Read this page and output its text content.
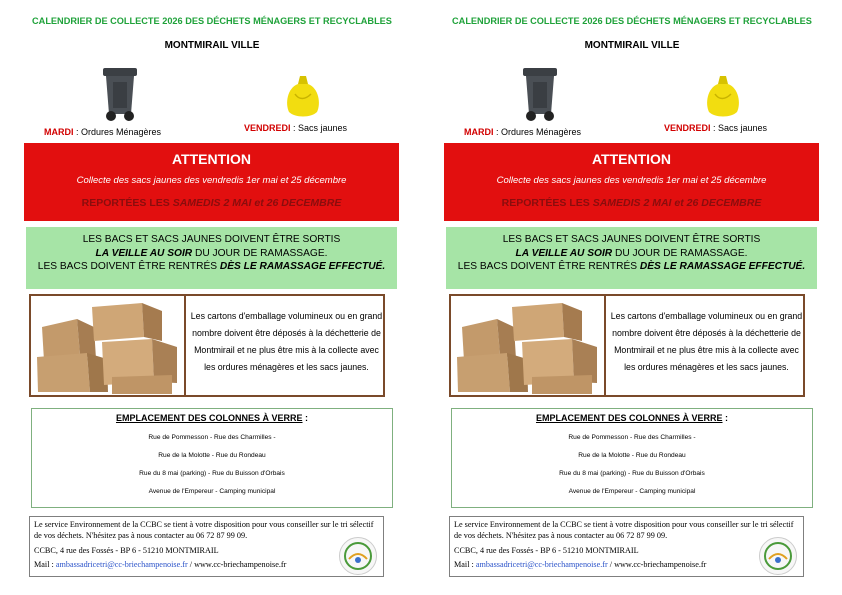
CALENDRIER DE COLLECTE 2026 DES DÉCHETS MÉNAGERS ET RECYCLABLES
MONTMIRAIL VILLE
MARDI : Ordures Ménagères	VENDREDI : Sacs jaunes
ATTENTION
Collecte des sacs jaunes des vendredis 1er mai et 25 décembre
REPORTÉES LES SAMEDIS 2 MAI et 26 DECEMBRE
LES BACS ET SACS JAUNES DOIVENT ÊTRE SORTIS
LA VEILLE AU SOIR DU JOUR DE RAMASSAGE.
LES BACS DOIVENT ÊTRE RENTRÉS DÈS LE RAMASSAGE EFFECTUÉ.
Les cartons d'emballage volumineux ou en grand nombre doivent être déposés à la déchetterie de Montmirail et ne plus être mis à la collecte avec les ordures ménagères et les sacs jaunes.
EMPLACEMENT DES COLONNES À VERRE :
Rue de Pommesson - Rue des Charmilles -
Rue de la Molotte - Rue du Rondeau
Rue du 8 mai (parking) - Rue du Buisson d'Orbais
Avenue de l'Empereur - Camping municipal
Le service Environnement de la CCBC se tient à votre disposition pour vous conseiller sur le tri sélectif de vos déchets. N'hésitez pas à nous contacter au 06 72 87 99 09.
CCBC, 4 rue des Fossés - BP 6 - 51210 MONTMIRAIL
Mail : ambassadricetri@cc-briechampenoise.fr / www.cc-briechampenoise.fr
CALENDRIER DE COLLECTE 2026 DES DÉCHETS MÉNAGERS ET RECYCLABLES
MONTMIRAIL VILLE
MARDI : Ordures Ménagères	VENDREDI : Sacs jaunes
ATTENTION
Collecte des sacs jaunes des vendredis 1er mai et 25 décembre
REPORTÉES LES SAMEDIS 2 MAI et 26 DECEMBRE
LES BACS ET SACS JAUNES DOIVENT ÊTRE SORTIS
LA VEILLE AU SOIR DU JOUR DE RAMASSAGE.
LES BACS DOIVENT ÊTRE RENTRÉS DÈS LE RAMASSAGE EFFECTUÉ.
Les cartons d'emballage volumineux ou en grand nombre doivent être déposés à la déchetterie de Montmirail et ne plus être mis à la collecte avec les ordures ménagères et les sacs jaunes.
EMPLACEMENT DES COLONNES À VERRE :
Rue de Pommesson - Rue des Charmilles -
Rue de la Molotte - Rue du Rondeau
Rue du 8 mai (parking) - Rue du Buisson d'Orbais
Avenue de l'Empereur - Camping municipal
Le service Environnement de la CCBC se tient à votre disposition pour vous conseiller sur le tri sélectif de vos déchets. N'hésitez pas à nous contacter au 06 72 87 99 09.
CCBC, 4 rue des Fossés - BP 6 - 51210 MONTMIRAIL
Mail : ambassadricetri@cc-briechampenoise.fr / www.cc-briechampenoise.fr
